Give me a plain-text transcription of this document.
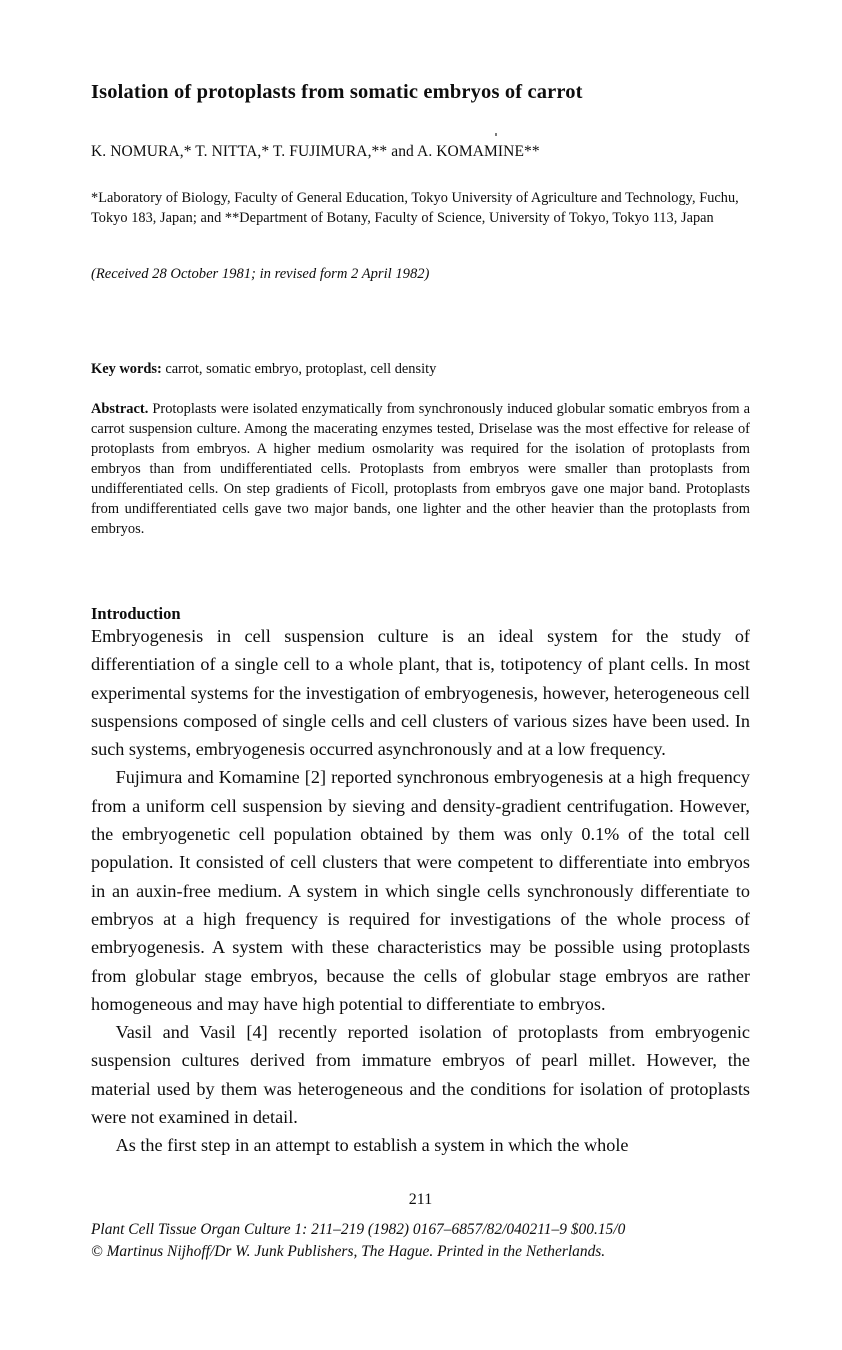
Isolation of protoplasts from somatic embryos of carrot
K. NOMURA,* T. NITTA,* T. FUJIMURA,** and A. KOMAMINE**
*Laboratory of Biology, Faculty of General Education, Tokyo University of Agriculture and Technology, Fuchu, Tokyo 183, Japan; and **Department of Botany, Faculty of Science, University of Tokyo, Tokyo 113, Japan
(Received 28 October 1981; in revised form 2 April 1982)
Key words: carrot, somatic embryo, protoplast, cell density
Abstract. Protoplasts were isolated enzymatically from synchronously induced globular somatic embryos from a carrot suspension culture. Among the macerating enzymes tested, Driselase was the most effective for release of protoplasts from embryos. A higher medium osmolarity was required for the isolation of protoplasts from embryos than from undifferentiated cells. Protoplasts from embryos were smaller than protoplasts from undifferentiated cells. On step gradients of Ficoll, protoplasts from embryos gave one major band. Protoplasts from undifferentiated cells gave two major bands, one lighter and the other heavier than the protoplasts from embryos.
Introduction

Embryogenesis in cell suspension culture is an ideal system for the study of differentiation of a single cell to a whole plant, that is, totipotency of plant cells. In most experimental systems for the investigation of embryogenesis, however, heterogeneous cell suspensions composed of single cells and cell clusters of various sizes have been used. In such systems, embryogenesis occurred asynchronously and at a low frequency.

Fujimura and Komamine [2] reported synchronous embryogenesis at a high frequency from a uniform cell suspension by sieving and density-gradient centrifugation. However, the embryogenetic cell population obtained by them was only 0.1% of the total cell population. It consisted of cell clusters that were competent to differentiate into embryos in an auxin-free medium. A system in which single cells synchronously differentiate to embryos at a high frequency is required for investigations of the whole process of embryogenesis. A system with these characteristics may be possible using protoplasts from globular stage embryos, because the cells of globular stage embryos are rather homogeneous and may have high potential to differentiate to embryos.

Vasil and Vasil [4] recently reported isolation of protoplasts from embryogenic suspension cultures derived from immature embryos of pearl millet. However, the material used by them was heterogeneous and the conditions for isolation of protoplasts were not examined in detail.

As the first step in an attempt to establish a system in which the whole

211
Plant Cell Tissue Organ Culture 1: 211–219 (1982) 0167–6857/82/040211–9 $00.15/0
© Martinus Nijhoff/Dr W. Junk Publishers, The Hague. Printed in the Netherlands.
